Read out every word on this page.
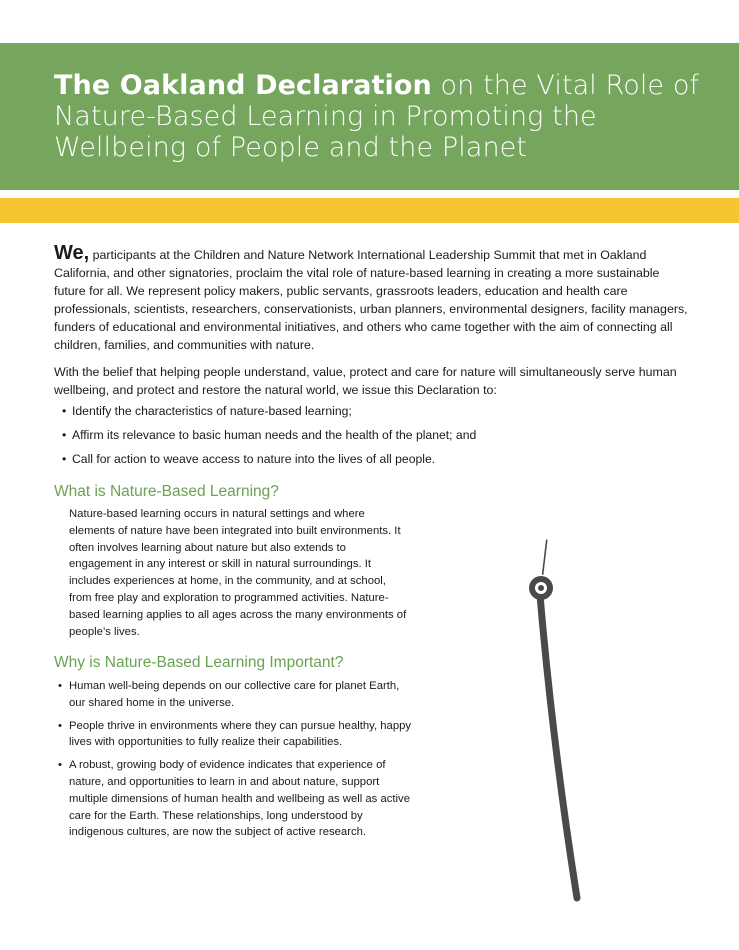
The Oakland Declaration on the Vital Role of Nature-Based Learning in Promoting the Wellbeing of People and the Planet

We, participants at the Children and Nature Network International Leadership Summit that met in Oakland California, and other signatories, proclaim the vital role of nature-based learning in creating a more sustainable future for all. We represent policy makers, public servants, grassroots leaders, education and health care professionals, scientists, researchers, conservationists, urban planners, environmental designers, facility managers, funders of educational and environmental initiatives, and others who came together with the aim of connecting all children, families, and communities with nature.

With the belief that helping people understand, value, protect and care for nature will simultaneously serve human wellbeing, and protect and restore the natural world, we issue this Declaration to:

• Identify the characteristics of nature-based learning;
• Affirm its relevance to basic human needs and the health of the planet; and
• Call for action to weave access to nature into the lives of all people.
What is Nature-Based Learning?

Nature-based learning occurs in natural settings and where elements of nature have been integrated into built environments. It often involves learning about nature but also extends to engagement in any interest or skill in natural surroundings. It includes experiences at home, in the community, and at school, from free play and exploration to programmed activities. Nature-based learning applies to all ages across the many environments of people’s lives.

Why is Nature-Based Learning Important?
• Human well-being depends on our collective care for planet Earth, our shared home in the universe.
• People thrive in environments where they can pursue healthy, happy lives with opportunities to fully realize their capabilities.
• A robust, growing body of evidence indicates that experience of nature, and opportunities to learn in and about nature, support multiple dimensions of human health and wellbeing as well as active care for the Earth. These relationships, long understood by indigenous cultures, are now the subject of active research.
